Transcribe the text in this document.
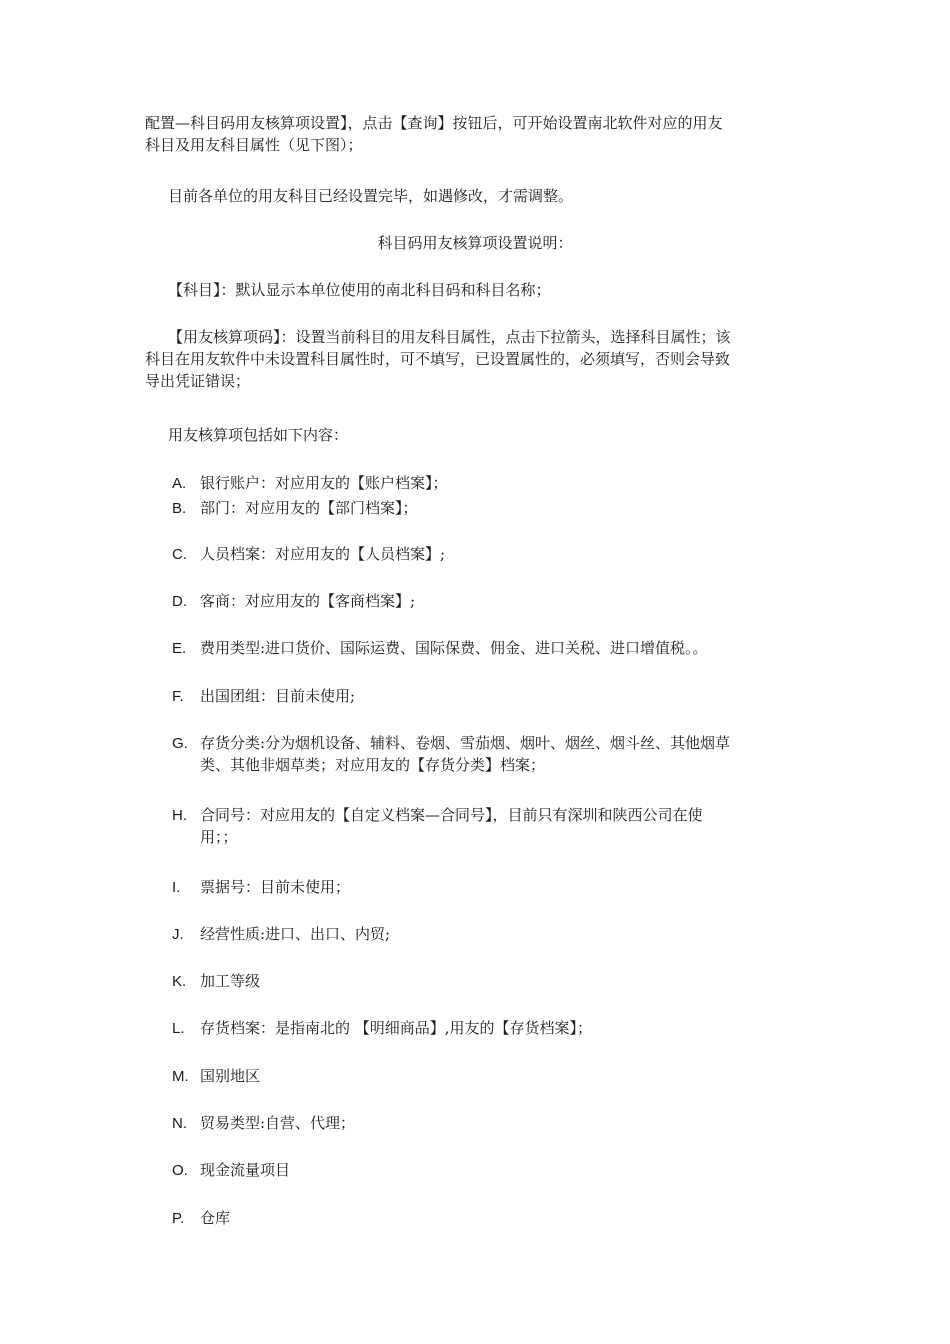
配置—科目码用友核算项设置】，点击【查询】按钮后，可开始设置南北软件对应的用友
科目及用友科目属性（见下图）；
目前各单位的用友科目已经设置完毕，如遇修改，才需调整。
科目码用友核算项设置说明：
【科目】：默认显示本单位使用的南北科目码和科目名称；
【用友核算项码】：设置当前科目的用友科目属性，点击下拉箭头，选择科目属性；该
科目在用友软件中未设置科目属性时，可不填写，已设置属性的，必须填写，否则会导致
导出凭证错误；
用友核算项包括如下内容：
A. 银行账户：对应用友的【账户档案】；
B. 部门：对应用友的【部门档案】；
C. 人员档案：对应用友的【人员档案】;
D. 客商：对应用友的【客商档案】;
E. 费用类型:进口货价、国际运费、国际保费、佣金、进口关税、进口增值税。。
F. 出国团组：目前未使用;
G. 存货分类:分为烟机设备、辅料、卷烟、雪茄烟、烟叶、烟丝、烟斗丝、其他烟草
类、其他非烟草类；对应用友的【存货分类】档案；
H. 合同号：对应用友的【自定义档案—合同号】，目前只有深圳和陕西公司在使
用；；
I. 票据号：目前未使用；
J. 经营性质:进口、出口、内贸;
K. 加工等级
L. 存货档案：是指南北的 【明细商品】,用友的【存货档案】；
M. 国别地区
N. 贸易类型:自营、代理；
O. 现金流量项目
P. 仓库
